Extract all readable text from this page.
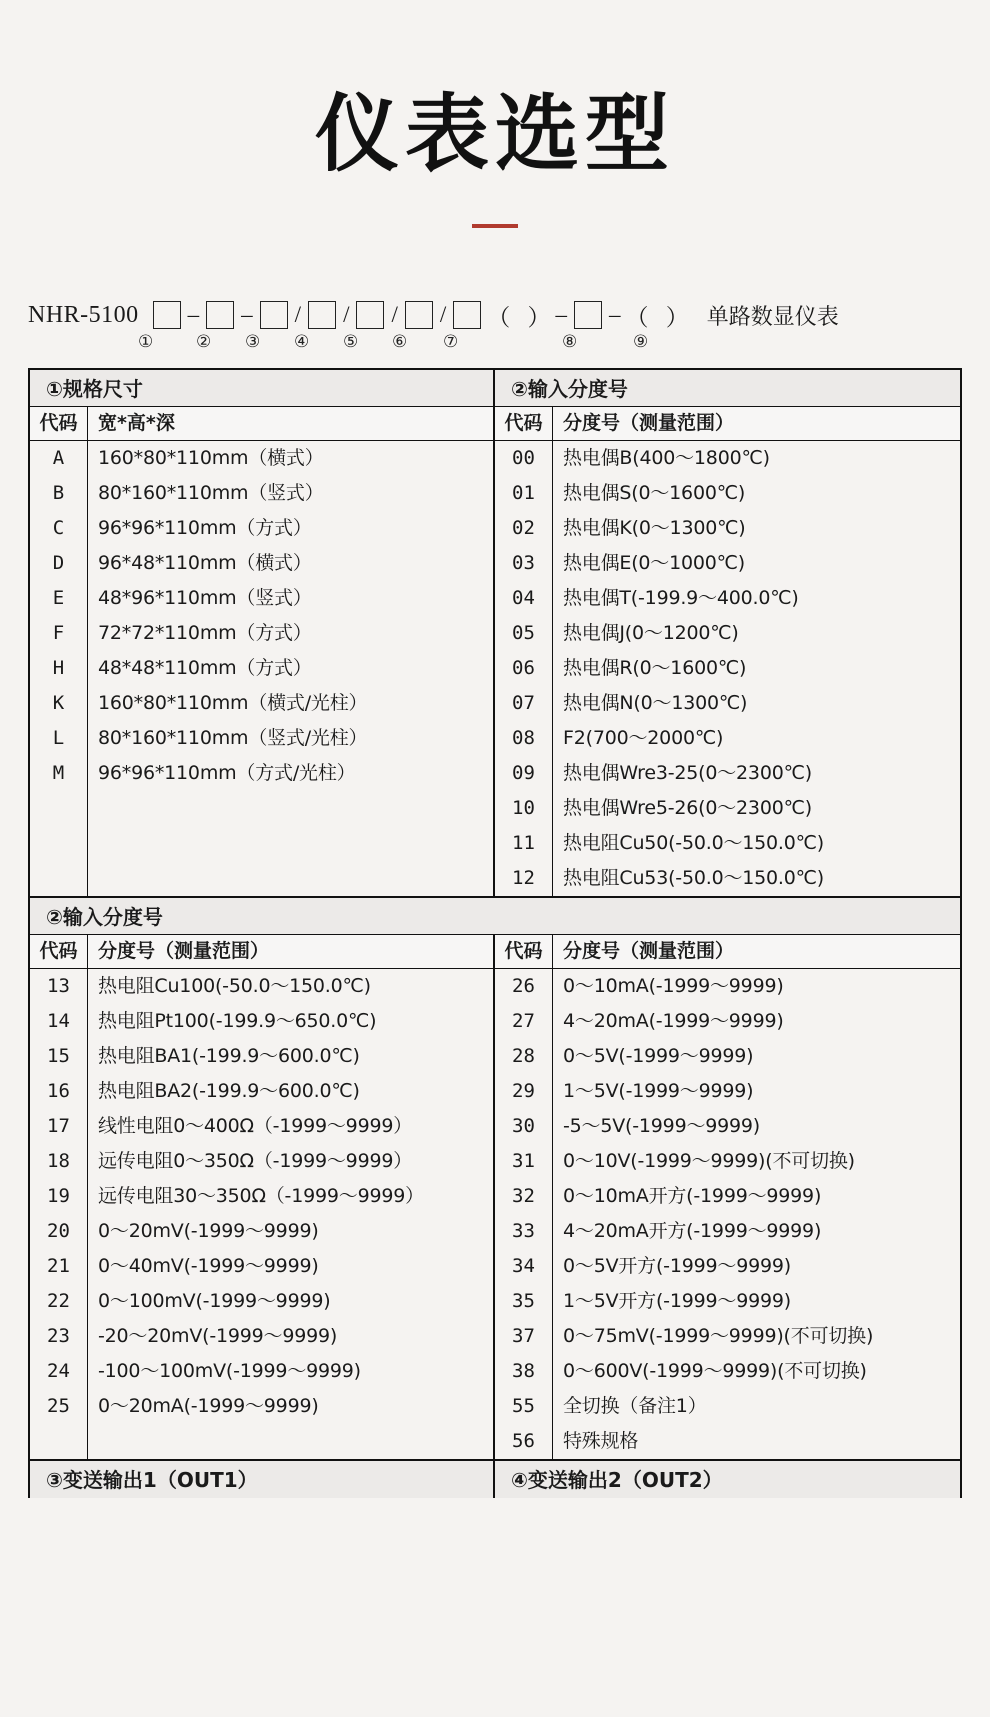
仪表选型
NHR-5100 – – / / / / （   ） – – （   ） 单路数显仪表
①	② ③ ④ ⑤ ⑥ ⑦	⑧	⑨
①规格尺寸
代码	宽*高*深
A	160*80*110mm（横式）
B	80*160*110mm（竖式）
C	96*96*110mm（方式）
D	96*48*110mm（横式）
E	48*96*110mm（竖式）
F	72*72*110mm（方式）
H	48*48*110mm（方式）
K	160*80*110mm（横式/光柱）
L	80*160*110mm（竖式/光柱）
M	96*96*110mm（方式/光柱）
②输入分度号
代码	分度号（测量范围）
00	热电偶B(400～1800℃)
01	热电偶S(0～1600℃)
02	热电偶K(0～1300℃)
03	热电偶E(0～1000℃)
04	热电偶T(-199.9～400.0℃)
05	热电偶J(0～1200℃)
06	热电偶R(0～1600℃)
07	热电偶N(0～1300℃)
08	F2(700～2000℃)
09	热电偶Wre3-25(0～2300℃)
10	热电偶Wre5-26(0～2300℃)
11	热电阻Cu50(-50.0～150.0℃)
12	热电阻Cu53(-50.0～150.0℃)
②输入分度号
代码	分度号（测量范围）
13	热电阻Cu100(-50.0～150.0℃)
14	热电阻Pt100(-199.9～650.0℃)
15	热电阻BA1(-199.9～600.0℃)
16	热电阻BA2(-199.9～600.0℃)
17	线性电阻0～400Ω（-1999～9999）
18	远传电阻0～350Ω（-1999～9999）
19	远传电阻30～350Ω（-1999～9999）
20	0～20mV(-1999～9999)
21	0～40mV(-1999～9999)
22	0～100mV(-1999～9999)
23	-20～20mV(-1999～9999)
24	-100～100mV(-1999～9999)
25	0～20mA(-1999～9999)
代码	分度号（测量范围）
26	0～10mA(-1999～9999)
27	4～20mA(-1999～9999)
28	0～5V(-1999～9999)
29	1～5V(-1999～9999)
30	-5～5V(-1999～9999)
31	0～10V(-1999～9999)(不可切换)
32	0～10mA开方(-1999～9999)
33	4～20mA开方(-1999～9999)
34	0～5V开方(-1999～9999)
35	1～5V开方(-1999～9999)
37	0～75mV(-1999～9999)(不可切换)
38	0～600V(-1999～9999)(不可切换)
55	全切换（备注1）
56	特殊规格
③变送输出1（OUT1）	④变送输出2（OUT2）
